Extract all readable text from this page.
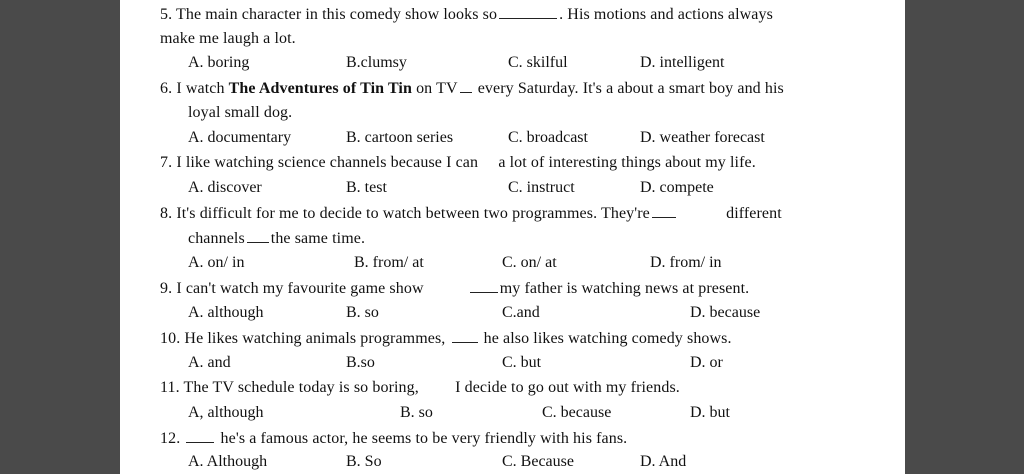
5. The main character in this comedy show looks so	. His motions and actions always
make me laugh a lot.
A. boring	B.clumsy	C. skilful	D. intelligent
6. I watch The Adventures of Tin Tin on TV every Saturday. It's a about a smart boy and his
loyal small dog.
A. documentary	B. cartoon series	C. broadcast	D. weather forecast
7. I like watching science channels because I can a lot of interesting things about my life.
A. discover	B. test	C. instruct	D. compete
8. It's difficult for me to decide to watch between two programmes. They're	different
channels the same time.
A. on/ in	B. from/ at	C. on/ at	D. from/ in
9. I can't watch my favourite game show	my father is watching news at present.
A. although	B. so	C.and	D. because
10. He likes watching animals programmes, he also likes watching comedy shows.
A. and	B.so	C. but	D. or
11. The TV schedule today is so boring, I decide to go out with my friends.
A, although	B. so	C. because	D. but
12.	he's a famous actor, he seems to be very friendly with his fans.
A. Although	B. So	C. Because	D. And
